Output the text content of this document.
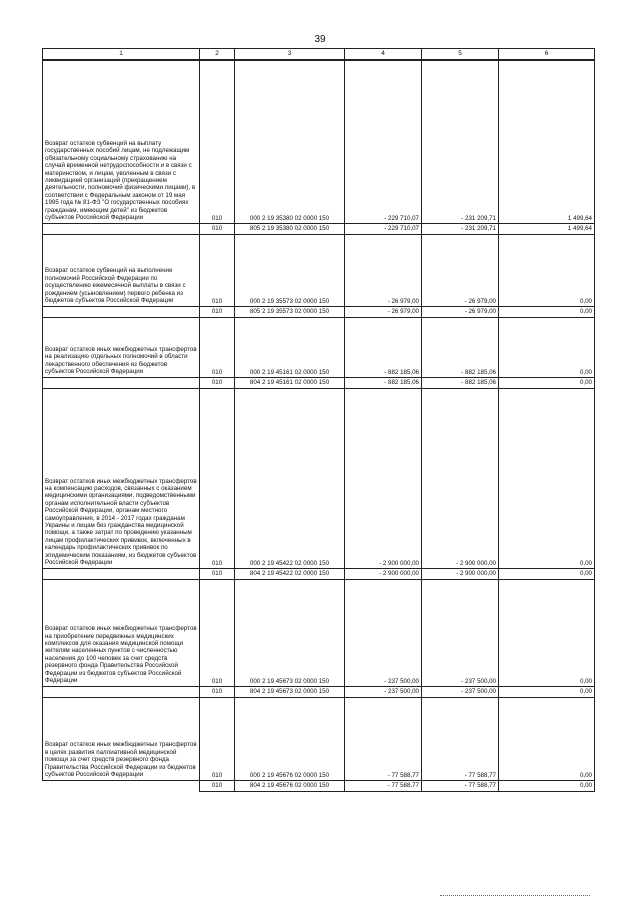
39
1	2	3	4	5	6

Возврат остатков субвенций на выплату государственных пособий лицам, не подлежащим обязательному социальному страхованию на случай временной нетрудоспособности и в связи с материнством, и лицам, уволенным в связи с ликвидацией организаций (прекращением деятельности, полномочий физическими лицами), в соответствии с Федеральным законом от 19 мая 1995 года № 81-ФЗ "О государственных пособиях гражданам, имеющим детей" из бюджетов субъектов Российской Федерации	010	000 2 19 35380 02 0000 150	- 229 710,07	- 231 209,71	1 499,64
	010	805 2 19 35380 02 0000 150	- 229 710,07	- 231 209,71	1 499,64

Возврат остатков субвенций на выполнение полномочий Российской Федерации по осуществлению ежемесячной выплаты в связи с рождением (усыновлением) первого ребенка из бюджетов субъектов Российской Федерации	010	000 2 19 35573 02 0000 150	- 26 979,00	- 26 979,00	0,00
	010	805 2 19 35573 02 0000 150	- 26 979,00	- 26 979,00	0,00

Возврат остатков иных межбюджетных трансфертов на реализацию отдельных полномочий в области лекарственного обеспечения из бюджетов субъектов Российской Федерации	010	000 2 19 45161 02 0000 150	- 882 185,06	- 882 185,06	0,00
	010	804 2 19 45161 02 0000 150	- 882 185,06	- 882 185,06	0,00

Возврат остатков иных межбюджетных трансфертов на компенсацию расходов, связанных с оказанием медицинскими организациями, подведомственными органам исполнительной власти субъектов Российской Федерации, органам местного самоуправления, в 2014 - 2017 годах гражданам Украины и лицам без гражданства медицинской помощи, а также затрат по проведению указанным лицам профилактических прививок, включенных в календарь профилактических прививок по эпидемическим показаниям, из бюджетов субъектов Российской Федерации	010	000 2 19 45422 02 0000 150	- 2 900 000,00	- 2 900 000,00	0,00
	010	804 2 19 45422 02 0000 150	- 2 900 000,00	- 2 900 000,00	0,00

Возврат остатков иных межбюджетных трансфертов на приобретение передвижных медицинских комплексов для оказания медицинской помощи жителям населенных пунктов с численностью населения до 100 человек за счет средств резервного фонда Правительства Российской Федерации из бюджетов субъектов Российской Федерации	010	000 2 19 45673 02 0000 150	- 237 500,00	- 237 500,00	0,00
	010	804 2 19 45673 02 0000 150	- 237 500,00	- 237 500,00	0,00

Возврат остатков иных межбюджетных трансфертов в целях развития паллиативной медицинской помощи за счет средств резервного фонда Правительства Российской Федерации из бюджетов субъектов Российской Федерации	010	000 2 19 45676 02 0000 150	- 77 588,77	- 77 588,77	0,00
	010	804 2 19 45676 02 0000 150	- 77 588,77	- 77 588,77	0,00
